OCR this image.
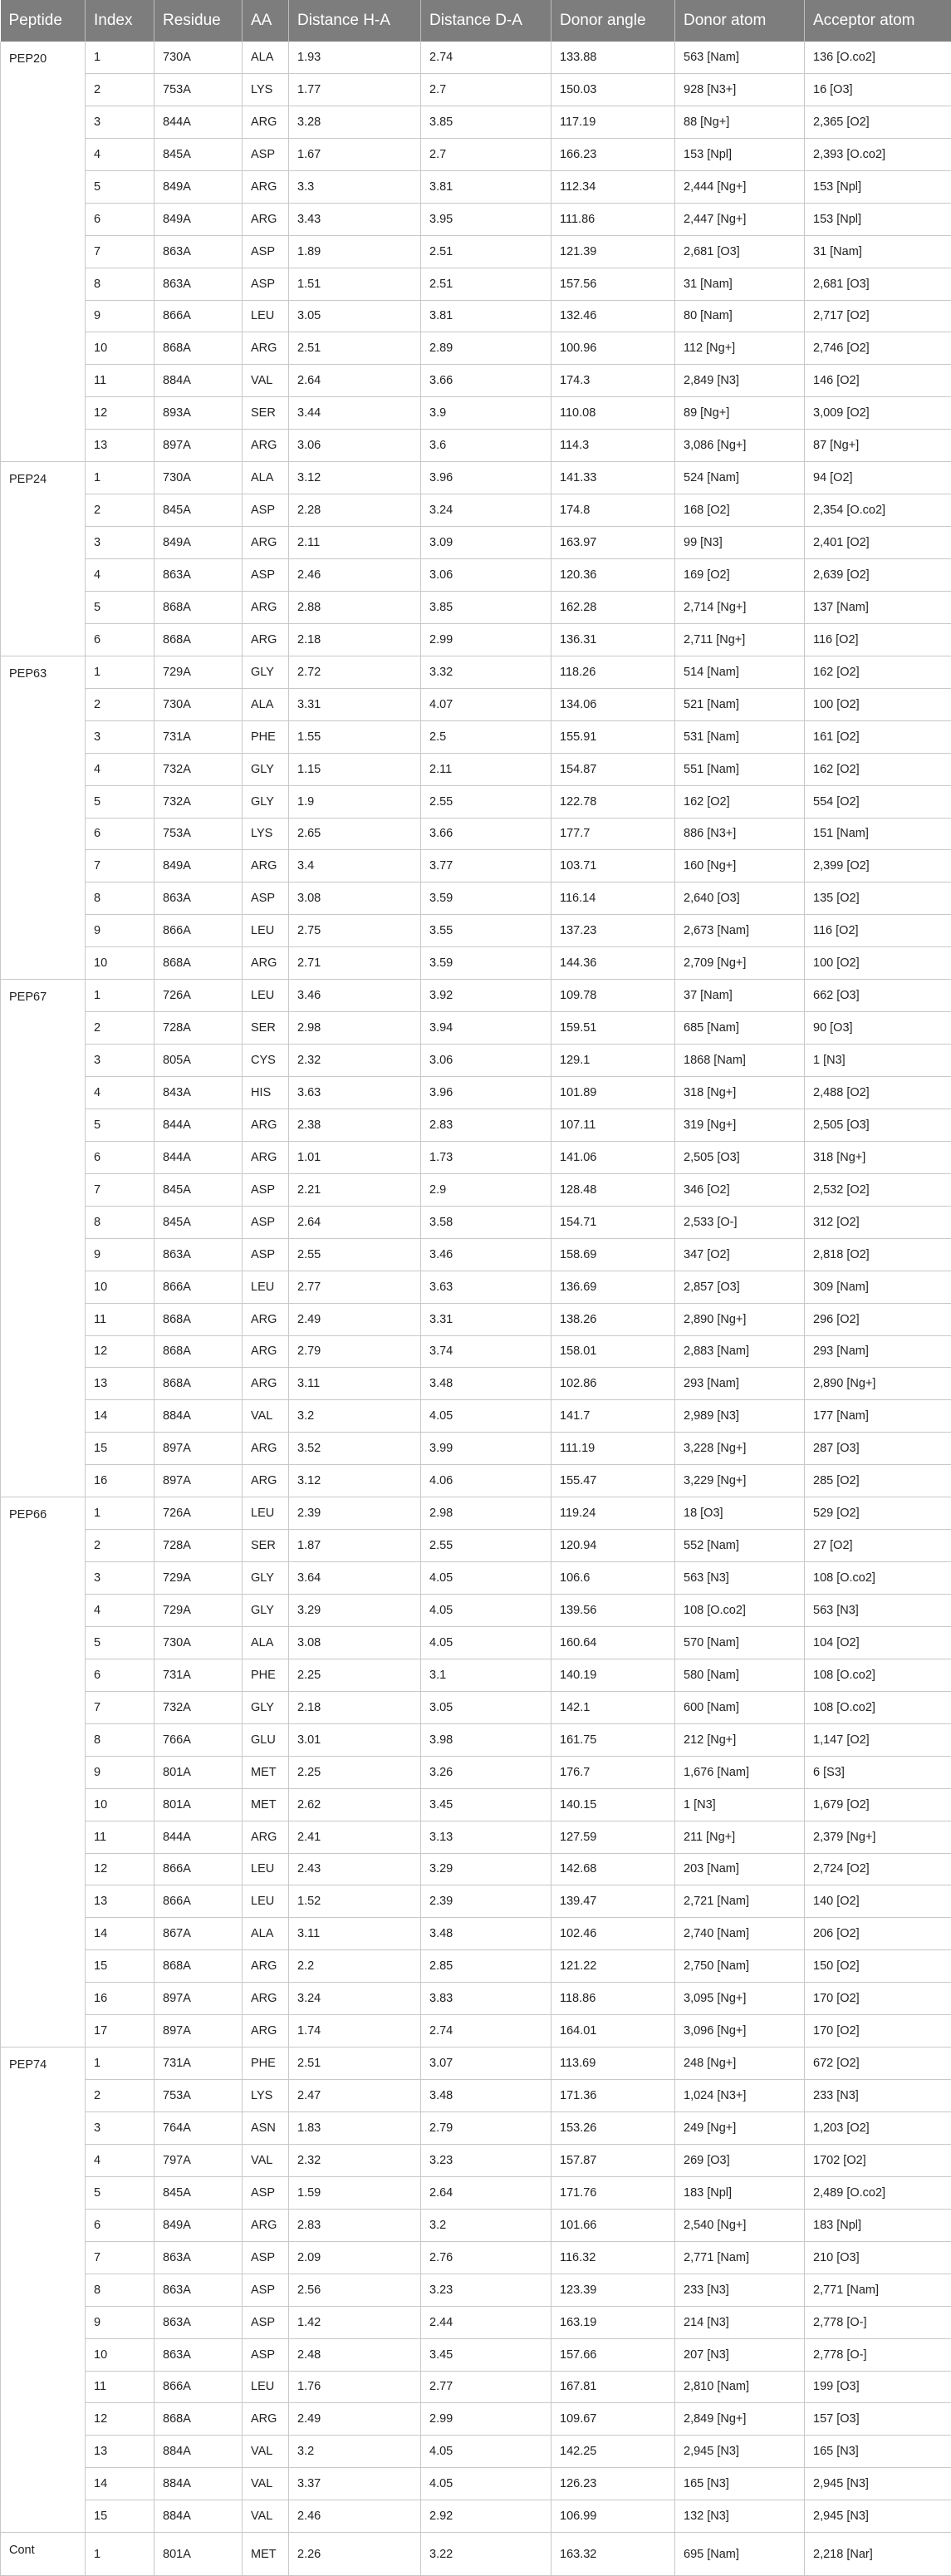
Peptide	Index	Residue	AA	Distance H-A	Distance D-A	Donor angle	Donor atom	Acceptor atom
PEP20	1	730A	ALA	1.93	2.74	133.88	563 [Nam]	136 [O.co2]
	2	753A	LYS	1.77	2.7	150.03	928 [N3+]	16 [O3]
	3	844A	ARG	3.28	3.85	117.19	88 [Ng+]	2,365 [O2]
	4	845A	ASP	1.67	2.7	166.23	153 [Npl]	2,393 [O.co2]
	5	849A	ARG	3.3	3.81	112.34	2,444 [Ng+]	153 [Npl]
	6	849A	ARG	3.43	3.95	111.86	2,447 [Ng+]	153 [Npl]
	7	863A	ASP	1.89	2.51	121.39	2,681 [O3]	31 [Nam]
	8	863A	ASP	1.51	2.51	157.56	31 [Nam]	2,681 [O3]
	9	866A	LEU	3.05	3.81	132.46	80 [Nam]	2,717 [O2]
	10	868A	ARG	2.51	2.89	100.96	112 [Ng+]	2,746 [O2]
	11	884A	VAL	2.64	3.66	174.3	2,849 [N3]	146 [O2]
	12	893A	SER	3.44	3.9	110.08	89 [Ng+]	3,009 [O2]
	13	897A	ARG	3.06	3.6	114.3	3,086 [Ng+]	87 [Ng+]
PEP24	1	730A	ALA	3.12	3.96	141.33	524 [Nam]	94 [O2]
	2	845A	ASP	2.28	3.24	174.8	168 [O2]	2,354 [O.co2]
	3	849A	ARG	2.11	3.09	163.97	99 [N3]	2,401 [O2]
	4	863A	ASP	2.46	3.06	120.36	169 [O2]	2,639 [O2]
	5	868A	ARG	2.88	3.85	162.28	2,714 [Ng+]	137 [Nam]
	6	868A	ARG	2.18	2.99	136.31	2,711 [Ng+]	116 [O2]
PEP63	1	729A	GLY	2.72	3.32	118.26	514 [Nam]	162 [O2]
	2	730A	ALA	3.31	4.07	134.06	521 [Nam]	100 [O2]
	3	731A	PHE	1.55	2.5	155.91	531 [Nam]	161 [O2]
	4	732A	GLY	1.15	2.11	154.87	551 [Nam]	162 [O2]
	5	732A	GLY	1.9	2.55	122.78	162 [O2]	554 [O2]
	6	753A	LYS	2.65	3.66	177.7	886 [N3+]	151 [Nam]
	7	849A	ARG	3.4	3.77	103.71	160 [Ng+]	2,399 [O2]
	8	863A	ASP	3.08	3.59	116.14	2,640 [O3]	135 [O2]
	9	866A	LEU	2.75	3.55	137.23	2,673 [Nam]	116 [O2]
	10	868A	ARG	2.71	3.59	144.36	2,709 [Ng+]	100 [O2]
PEP67	1	726A	LEU	3.46	3.92	109.78	37 [Nam]	662 [O3]
	2	728A	SER	2.98	3.94	159.51	685 [Nam]	90 [O3]
	3	805A	CYS	2.32	3.06	129.1	1868 [Nam]	1 [N3]
	4	843A	HIS	3.63	3.96	101.89	318 [Ng+]	2,488 [O2]
	5	844A	ARG	2.38	2.83	107.11	319 [Ng+]	2,505 [O3]
	6	844A	ARG	1.01	1.73	141.06	2,505 [O3]	318 [Ng+]
	7	845A	ASP	2.21	2.9	128.48	346 [O2]	2,532 [O2]
	8	845A	ASP	2.64	3.58	154.71	2,533 [O-]	312 [O2]
	9	863A	ASP	2.55	3.46	158.69	347 [O2]	2,818 [O2]
	10	866A	LEU	2.77	3.63	136.69	2,857 [O3]	309 [Nam]
	11	868A	ARG	2.49	3.31	138.26	2,890 [Ng+]	296 [O2]
	12	868A	ARG	2.79	3.74	158.01	2,883 [Nam]	293 [Nam]
	13	868A	ARG	3.11	3.48	102.86	293 [Nam]	2,890 [Ng+]
	14	884A	VAL	3.2	4.05	141.7	2,989 [N3]	177 [Nam]
	15	897A	ARG	3.52	3.99	111.19	3,228 [Ng+]	287 [O3]
	16	897A	ARG	3.12	4.06	155.47	3,229 [Ng+]	285 [O2]
PEP66	1	726A	LEU	2.39	2.98	119.24	18 [O3]	529 [O2]
	2	728A	SER	1.87	2.55	120.94	552 [Nam]	27 [O2]
	3	729A	GLY	3.64	4.05	106.6	563 [N3]	108 [O.co2]
	4	729A	GLY	3.29	4.05	139.56	108 [O.co2]	563 [N3]
	5	730A	ALA	3.08	4.05	160.64	570 [Nam]	104 [O2]
	6	731A	PHE	2.25	3.1	140.19	580 [Nam]	108 [O.co2]
	7	732A	GLY	2.18	3.05	142.1	600 [Nam]	108 [O.co2]
	8	766A	GLU	3.01	3.98	161.75	212 [Ng+]	1,147 [O2]
	9	801A	MET	2.25	3.26	176.7	1,676 [Nam]	6 [S3]
	10	801A	MET	2.62	3.45	140.15	1 [N3]	1,679 [O2]
	11	844A	ARG	2.41	3.13	127.59	211 [Ng+]	2,379 [Ng+]
	12	866A	LEU	2.43	3.29	142.68	203 [Nam]	2,724 [O2]
	13	866A	LEU	1.52	2.39	139.47	2,721 [Nam]	140 [O2]
	14	867A	ALA	3.11	3.48	102.46	2,740 [Nam]	206 [O2]
	15	868A	ARG	2.2	2.85	121.22	2,750 [Nam]	150 [O2]
	16	897A	ARG	3.24	3.83	118.86	3,095 [Ng+]	170 [O2]
	17	897A	ARG	1.74	2.74	164.01	3,096 [Ng+]	170 [O2]
PEP74	1	731A	PHE	2.51	3.07	113.69	248 [Ng+]	672 [O2]
	2	753A	LYS	2.47	3.48	171.36	1,024 [N3+]	233 [N3]
	3	764A	ASN	1.83	2.79	153.26	249 [Ng+]	1,203 [O2]
	4	797A	VAL	2.32	3.23	157.87	269 [O3]	1702 [O2]
	5	845A	ASP	1.59	2.64	171.76	183 [Npl]	2,489 [O.co2]
	6	849A	ARG	2.83	3.2	101.66	2,540 [Ng+]	183 [Npl]
	7	863A	ASP	2.09	2.76	116.32	2,771 [Nam]	210 [O3]
	8	863A	ASP	2.56	3.23	123.39	233 [N3]	2,771 [Nam]
	9	863A	ASP	1.42	2.44	163.19	214 [N3]	2,778 [O-]
	10	863A	ASP	2.48	3.45	157.66	207 [N3]	2,778 [O-]
	11	866A	LEU	1.76	2.77	167.81	2,810 [Nam]	199 [O3]
	12	868A	ARG	2.49	2.99	109.67	2,849 [Ng+]	157 [O3]
	13	884A	VAL	3.2	4.05	142.25	2,945 [N3]	165 [N3]
	14	884A	VAL	3.37	4.05	126.23	165 [N3]	2,945 [N3]
	15	884A	VAL	2.46	2.92	106.99	132 [N3]	2,945 [N3]
Cont	1	801A	MET	2.26	3.22	163.32	695 [Nam]	2,218 [Nar]
